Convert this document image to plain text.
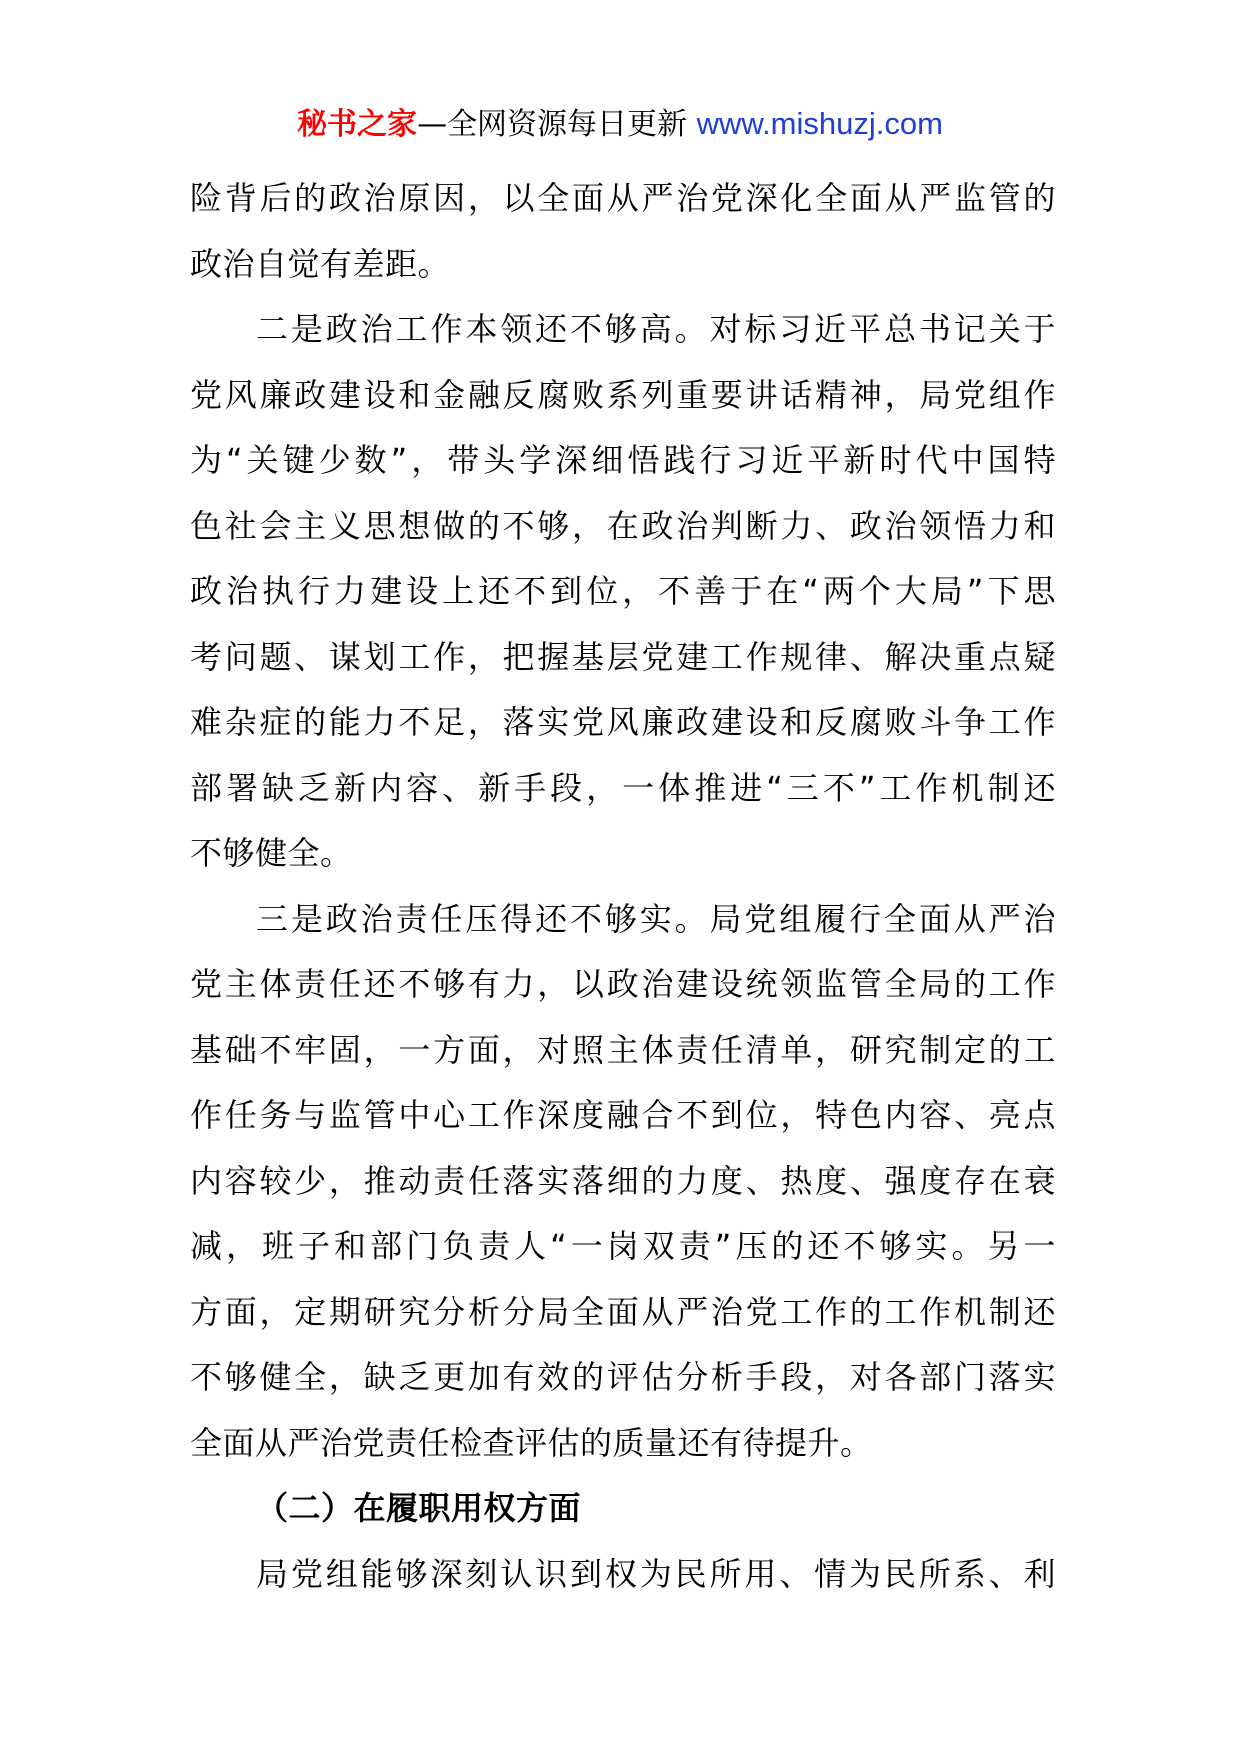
秘书之家—全网资源每日更新 www.mishuzj.com
险背后的政治原因，以全面从严治党深化全面从严监管的
政治自觉有差距。
二是政治工作本领还不够高。对标习近平总书记关于
党风廉政建设和金融反腐败系列重要讲话精神，局党组作
为“关键少数”，带头学深细悟践行习近平新时代中国特
色社会主义思想做的不够，在政治判断力、政治领悟力和
政治执行力建设上还不到位，不善于在“两个大局”下思
考问题、谋划工作，把握基层党建工作规律、解决重点疑
难杂症的能力不足，落实党风廉政建设和反腐败斗争工作
部署缺乏新内容、新手段，一体推进“三不”工作机制还
不够健全。
三是政治责任压得还不够实。局党组履行全面从严治
党主体责任还不够有力，以政治建设统领监管全局的工作
基础不牢固，一方面，对照主体责任清单，研究制定的工
作任务与监管中心工作深度融合不到位，特色内容、亮点
内容较少，推动责任落实落细的力度、热度、强度存在衰
减，班子和部门负责人“一岗双责”压的还不够实。另一
方面，定期研究分析分局全面从严治党工作的工作机制还
不够健全，缺乏更加有效的评估分析手段，对各部门落实
全面从严治党责任检查评估的质量还有待提升。
（二）在履职用权方面
局党组能够深刻认识到权为民所用、情为民所系、利
